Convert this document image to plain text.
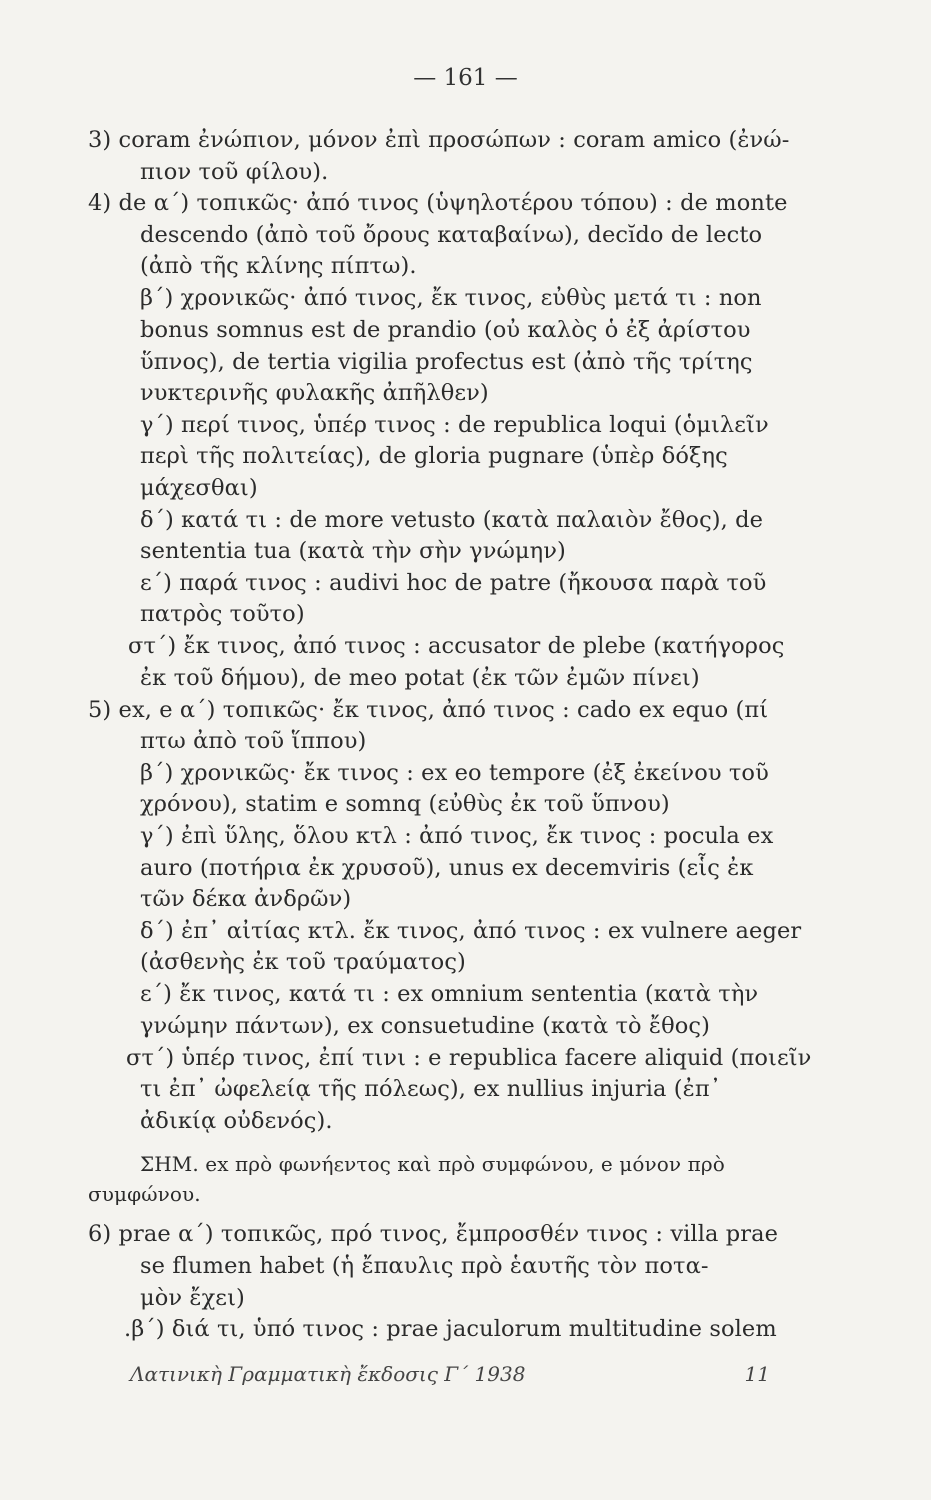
— 161 —
3) coram ἐνώπιον, μόνον ἐπὶ προσώπων : coram amico (ἐνώ-
πιον τοῦ φίλου).
4) de α΄) τοπικῶς· ἀπό τινος (ὑψηλοτέρου τόπου) : de monte
descendo (ἀπὸ τοῦ ὄρους καταβαίνω), decĭdo de lecto
(ἀπὸ τῆς κλίνης πίπτω).
β΄) χρονικῶς· ἀπό τινος, ἔκ τινος, εὐθὺς μετά τι : non
bonus somnus est de prandio (οὐ καλὸς ὁ ἐξ ἀρίστου
ὕπνος), de tertia vigilia profectus est (ἀπὸ τῆς τρίτης
νυκτερινῆς φυλακῆς ἀπῆλθεν)
γ΄) περί τινος, ὑπέρ τινος : de republica loqui (ὁμιλεῖν
περὶ τῆς πολιτείας), de gloria pugnare (ὑπὲρ δόξης
μάχεσθαι)
δ΄) κατά τι : de more vetusto (κατὰ παλαιὸν ἔθος), de
sententia tua (κατὰ τὴν σὴν γνώμην)
ε΄) παρά τινος : audivi hoc de patre (ἤκουσα παρὰ τοῦ
πατρὸς τοῦτο)
στ΄) ἔκ τινος, ἀπό τινος : accusator de plebe (κατήγορος
ἐκ τοῦ δήμου), de meo potat (ἐκ τῶν ἐμῶν πίνει)
5) ex, e α΄) τοπικῶς· ἔκ τινος, ἀπό τινος : cado ex equo (πί
πτω ἀπὸ τοῦ ἵππου)
β΄) χρονικῶς· ἔκ τινος : ex eo tempore (ἐξ ἐκείνου τοῦ
χρόνου), statim e somnq (εὐθὺς ἐκ τοῦ ὕπνου)
γ΄) ἐπὶ ὕλης, ὅλου κτλ : ἀπό τινος, ἔκ τινος : pocula ex
auro (ποτήρια ἐκ χρυσοῦ), unus ex decemviris (εἷς ἐκ
τῶν δέκα ἀνδρῶν)
δ΄) ἐπ᾽ αἰτίας κτλ. ἔκ τινος, ἀπό τινος : ex vulnere aeger
(ἀσθενὴς ἐκ τοῦ τραύματος)
ε΄) ἔκ τινος, κατά τι : ex omnium sententia (κατὰ τὴν
γνώμην πάντων), ex consuetudine (κατὰ τὸ ἔθος)
στ΄) ὑπέρ τινος, ἐπί τινι : e republica facere aliquid (ποιεῖν
τι ἐπ᾽ ὠφελείᾳ τῆς πόλεως), ex nullius injuria (ἐπ᾽
ἀδικίᾳ οὐδενός).
ΣΗΜ. ex πρὸ φωνήεντος καὶ πρὸ συμφώνου, e μόνον πρὸ
συμφώνου.
6) prae α΄) τοπικῶς, πρό τινος, ἔμπροσθέν τινος : villa prae
se flumen habet (ἡ ἔπαυλις πρὸ ἑαυτῆς τὸν ποτα-
μὸν ἔχει)
.β΄) διά τι, ὑπό τινος : prae jaculorum multitudine solem
Λατινικὴ Γραμματικὴ ἔκδοσις Γ΄ 1938	11
